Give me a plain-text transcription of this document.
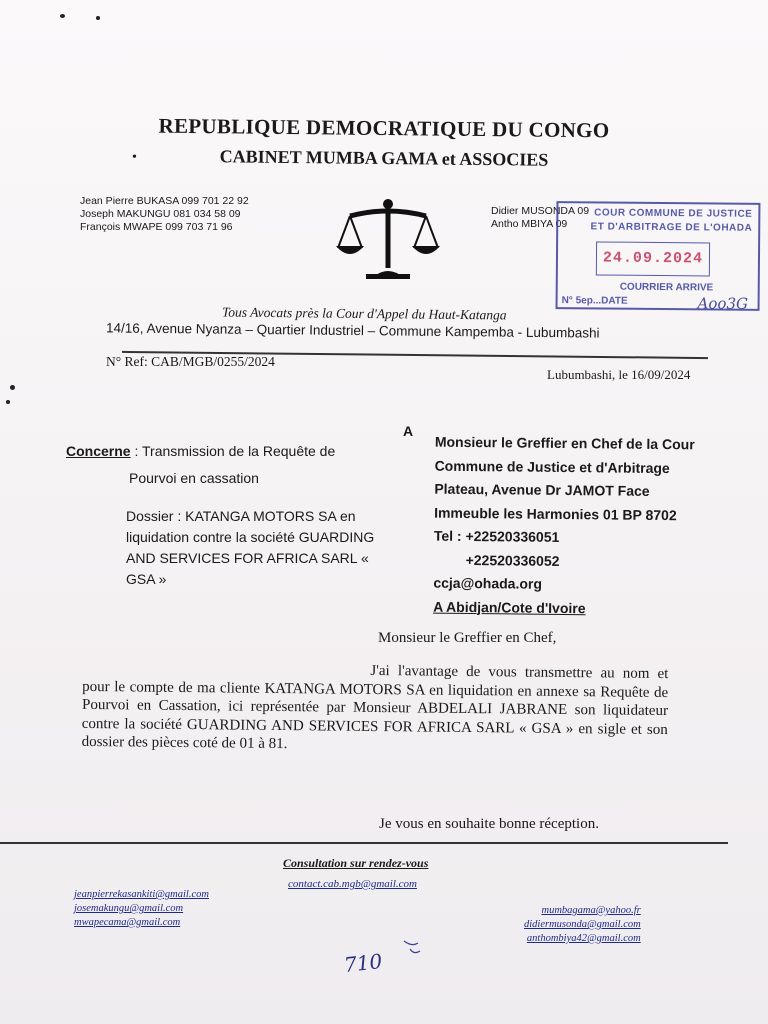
REPUBLIQUE DEMOCRATIQUE DU CONGO
•	CABINET MUMBA GAMA et ASSOCIES
Jean Pierre BUKASA 099 701 22 92
Joseph MAKUNGU 081 034 58 09
François MWAPE 099 703 71 96
Didier MUSONDA 09
Antho MBIYA 09
COUR COMMUNE DE JUSTICE
ET D'ARBITRAGE DE L'OHADA
24.09.2024
COURRIER ARRIVE
N° 5ep...DATE	Aoo3G
Tous Avocats près la Cour d'Appel du Haut-Katanga
14/16, Avenue Nyanza – Quartier Industriel – Commune Kampemba - Lubumbashi
N° Ref: CAB/MGB/0255/2024
Lubumbashi, le 16/09/2024
Concerne : Transmission de la Requête de
Pourvoi en cassation
Dossier : KATANGA MOTORS SA en liquidation contre la société GUARDING AND SERVICES FOR AFRICA SARL « GSA »
A
Monsieur le Greffier en Chef de la Cour
Commune de Justice et d'Arbitrage
Plateau, Avenue Dr JAMOT Face
Immeuble les Harmonies 01 BP 8702
Tel : +22520336051
+22520336052
ccja@ohada.org
A Abidjan/Cote d'Ivoire
Monsieur le Greffier en Chef,
J'ai l'avantage de vous transmettre au nom et pour le compte de ma cliente KATANGA MOTORS SA en liquidation en annexe sa Requête de Pourvoi en Cassation, ici représentée par Monsieur ABDELALI JABRANE son liquidateur contre la société GUARDING AND SERVICES FOR AFRICA SARL « GSA » en sigle et son dossier des pièces coté de 01 à 81.
Je vous en souhaite bonne réception.
Consultation sur rendez-vous
contact.cab.mgb@gmail.com
jeanpierrekasankiti@gmail.com
josemakungu@gmail.com
mwapecama@gmail.com
mumbagama@yahoo.fr
didiermusonda@gmail.com
anthombiya42@gmail.com
710
